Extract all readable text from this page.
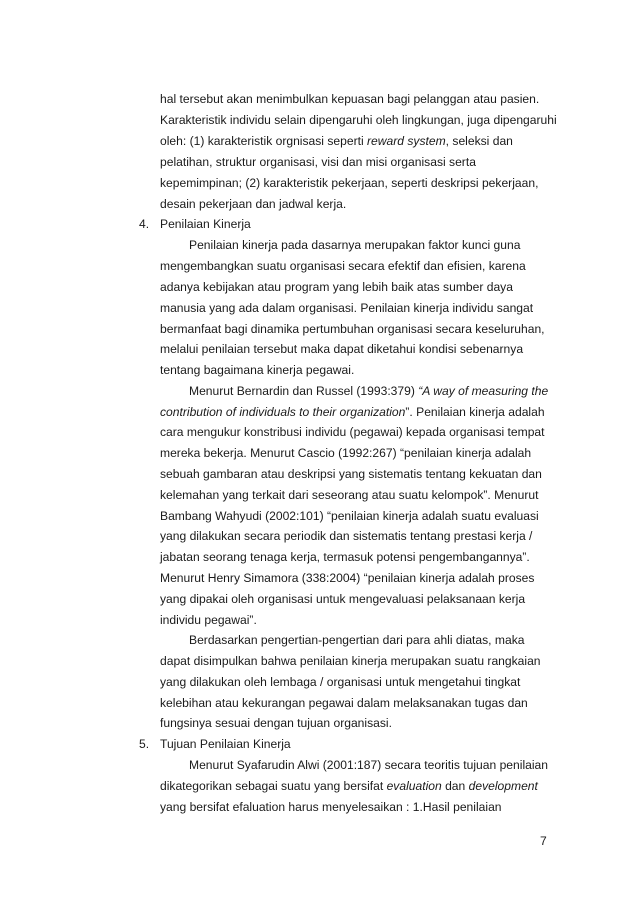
hal tersebut akan menimbulkan kepuasan bagi pelanggan atau pasien.
Karakteristik individu selain dipengaruhi oleh lingkungan, juga dipengaruhi
oleh: (1) karakteristik orgnisasi seperti reward system, seleksi dan
pelatihan, struktur organisasi, visi dan misi organisasi serta
kepemimpinan; (2) karakteristik pekerjaan, seperti deskripsi pekerjaan,
desain pekerjaan dan jadwal kerja.
4. Penilaian Kinerja
Penilaian kinerja pada dasarnya merupakan faktor kunci guna
mengembangkan suatu organisasi secara efektif dan efisien, karena
adanya kebijakan atau program yang lebih baik atas sumber daya
manusia yang ada dalam organisasi. Penilaian kinerja individu sangat
bermanfaat bagi dinamika pertumbuhan organisasi secara keseluruhan,
melalui penilaian tersebut maka dapat diketahui kondisi sebenarnya
tentang bagaimana kinerja pegawai.
Menurut Bernardin dan Russel (1993:379) “A way of measuring the
contribution of individuals to their organization”. Penilaian kinerja adalah
cara mengukur konstribusi individu (pegawai) kepada organisasi tempat
mereka bekerja. Menurut Cascio (1992:267) “penilaian kinerja adalah
sebuah gambaran atau deskripsi yang sistematis tentang kekuatan dan
kelemahan yang terkait dari seseorang atau suatu kelompok”. Menurut
Bambang Wahyudi (2002:101) “penilaian kinerja adalah suatu evaluasi
yang dilakukan secara periodik dan sistematis tentang prestasi kerja /
jabatan seorang tenaga kerja, termasuk potensi pengembangannya”.
Menurut Henry Simamora (338:2004) “penilaian kinerja adalah proses
yang dipakai oleh organisasi untuk mengevaluasi pelaksanaan kerja
individu pegawai”.
Berdasarkan pengertian-pengertian dari para ahli diatas, maka
dapat disimpulkan bahwa penilaian kinerja merupakan suatu rangkaian
yang dilakukan oleh lembaga / organisasi untuk mengetahui tingkat
kelebihan atau kekurangan pegawai dalam melaksanakan tugas dan
fungsinya sesuai dengan tujuan organisasi.
5. Tujuan Penilaian Kinerja
Menurut Syafarudin Alwi (2001:187) secara teoritis tujuan penilaian
dikategorikan sebagai suatu yang bersifat evaluation dan development
yang bersifat efaluation harus menyelesaikan : 1.Hasil penilaian
7
